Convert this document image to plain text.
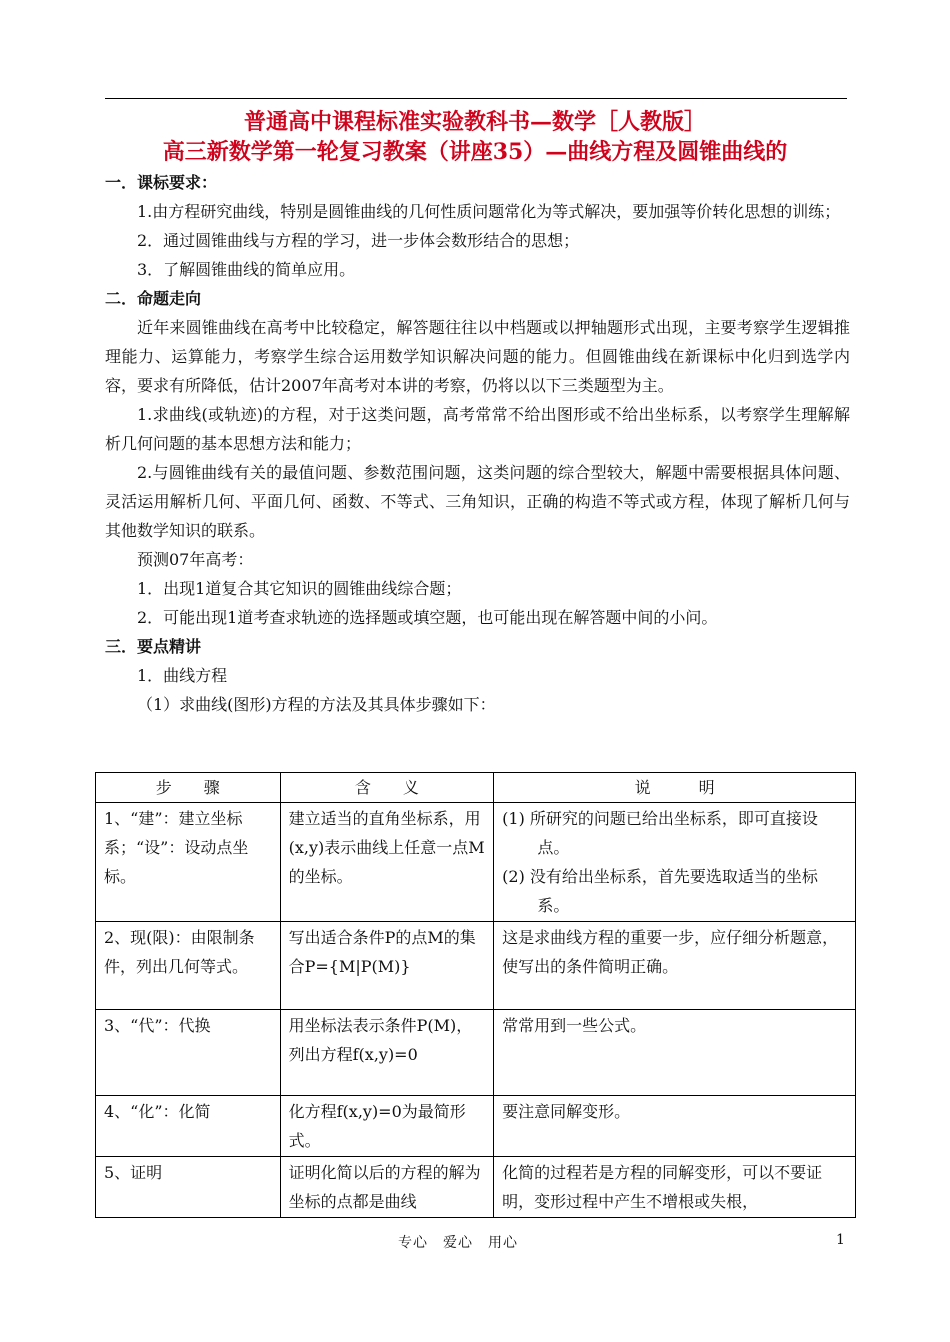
普通高中课程标准实验教科书—数学［人教版］
高三新数学第一轮复习教案（讲座35）—曲线方程及圆锥曲线的
一．课标要求：
1.由方程研究曲线，特别是圆锥曲线的几何性质问题常化为等式解决，要加强等价转化思想的训练；
2．通过圆锥曲线与方程的学习，进一步体会数形结合的思想；
3．了解圆锥曲线的简单应用。
二．命题走向
近年来圆锥曲线在高考中比较稳定，解答题往往以中档题或以押轴题形式出现，主要考察学生逻辑推理能力、运算能力，考察学生综合运用数学知识解决问题的能力。但圆锥曲线在新课标中化归到选学内容，要求有所降低，估计2007年高考对本讲的考察，仍将以以下三类题型为主。
1.求曲线(或轨迹)的方程，对于这类问题，高考常常不给出图形或不给出坐标系，以考察学生理解解析几何问题的基本思想方法和能力；
2.与圆锥曲线有关的最值问题、参数范围问题，这类问题的综合型较大，解题中需要根据具体问题、灵活运用解析几何、平面几何、函数、不等式、三角知识，正确的构造不等式或方程，体现了解析几何与其他数学知识的联系。
预测07年高考：
1．出现1道复合其它知识的圆锥曲线综合题；
2．可能出现1道考查求轨迹的选择题或填空题，也可能出现在解答题中间的小问。
三．要点精讲
1．曲线方程
（1）求曲线(图形)方程的方法及其具体步骤如下：
步　　骤	含　　义	说　　　明
1、“建”：建立坐标系；“设”：设动点坐标。	建立适当的直角坐标系，用(x,y)表示曲线上任意一点M的坐标。	(1) 所研究的问题已给出坐标系，即可直接设点。
(2) 没有给出坐标系，首先要选取适当的坐标系。

2、现(限)：由限制条件，列出几何等式。	写出适合条件P的点M的集合P={M|P(M)}	这是求曲线方程的重要一步，应仔细分析题意，使写出的条件简明正确。
3、“代”：代换	用坐标法表示条件P(M)，列出方程f(x,y)=0	常常用到一些公式。
4、“化”：化简	化方程f(x,y)=0为最简形式。	要注意同解变形。
5、证明	证明化简以后的方程的解为坐标的点都是曲线	化简的过程若是方程的同解变形，可以不要证明，变形过程中产生不增根或失根，
专心　爱心　用心	1
